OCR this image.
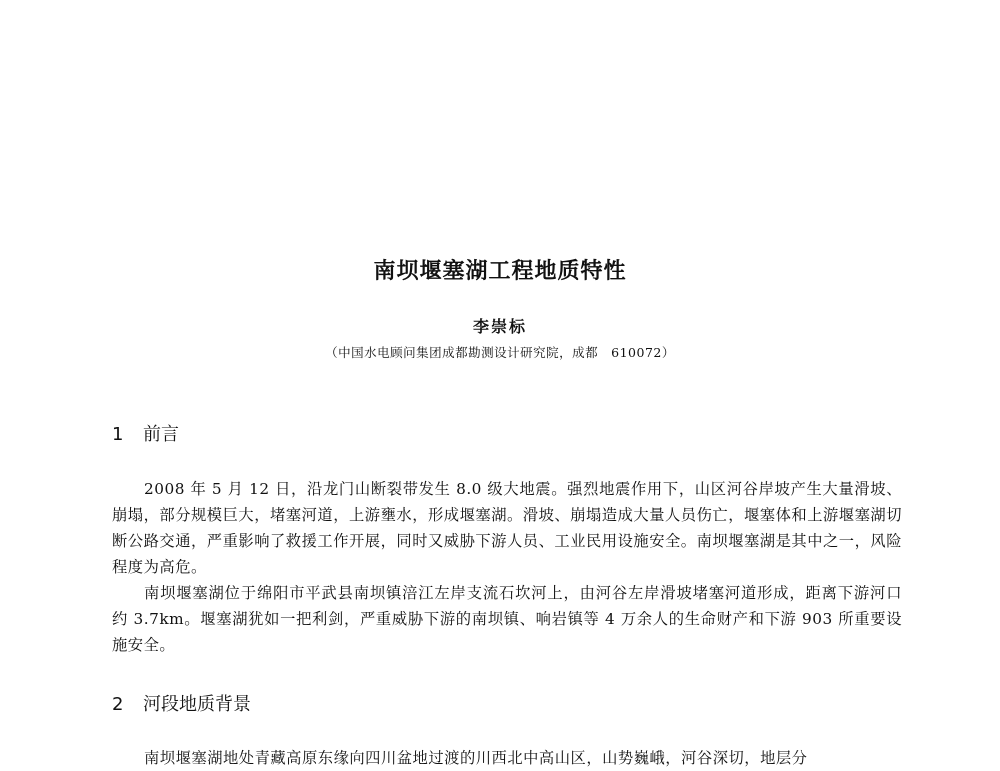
南坝堰塞湖工程地质特性
李崇标
（中国水电顾问集团成都勘测设计研究院，成都　610072）
1 前言

2008 年 5 月 12 日，沿龙门山断裂带发生 8.0 级大地震。强烈地震作用下，山区河谷岸坡产生大量滑坡、崩塌，部分规模巨大，堵塞河道，上游壅水，形成堰塞湖。滑坡、崩塌造成大量人员伤亡，堰塞体和上游堰塞湖切断公路交通，严重影响了救援工作开展，同时又威胁下游人员、工业民用设施安全。南坝堰塞湖是其中之一，风险程度为高危。

南坝堰塞湖位于绵阳市平武县南坝镇涪江左岸支流石坎河上，由河谷左岸滑坡堵塞河道形成，距离下游河口约 3.7km。堰塞湖犹如一把利剑，严重威胁下游的南坝镇、响岩镇等 4 万余人的生命财产和下游 903 所重要设施安全。

2 河段地质背景

南坝堰塞湖地处青藏高原东缘向四川盆地过渡的川西北中高山区，山势巍峨，河谷深切，地层分
